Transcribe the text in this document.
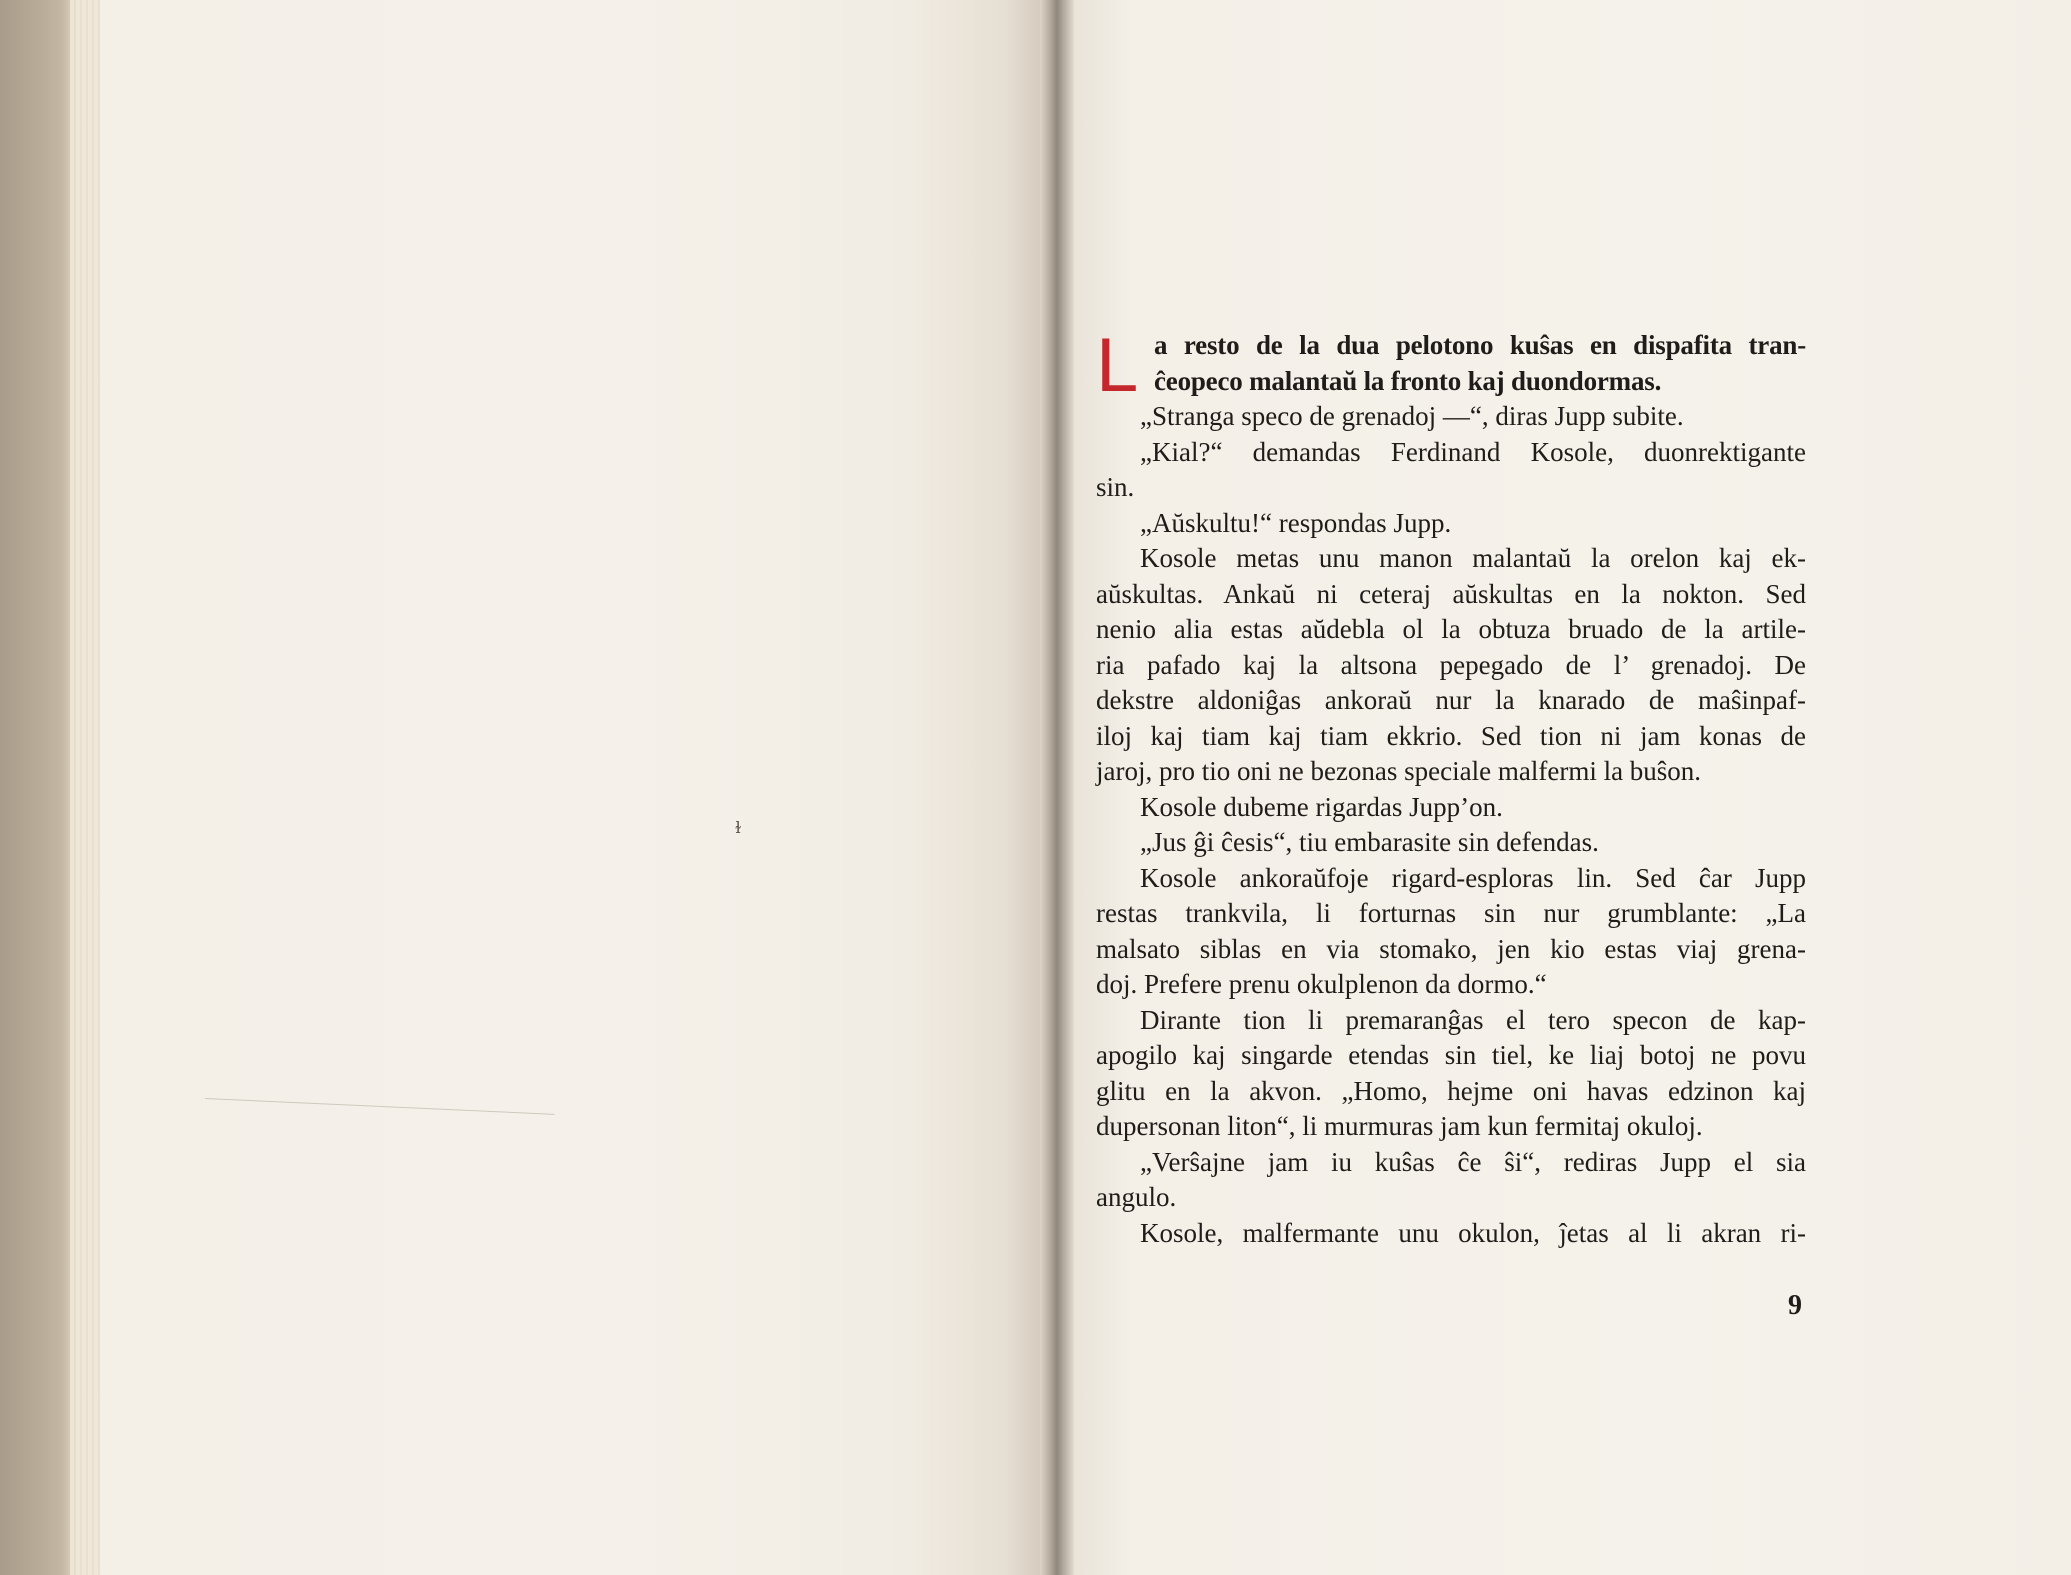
ɫ
L a resto de la dua pelotono kuŝas en dispafita tran-
ĉeopeco malantaŭ la fronto kaj duondormas.
„Stranga speco de grenadoj —“, diras Jupp subite.
„Kial?“ demandas Ferdinand Kosole, duonrektigante
sin.
„Aŭskultu!“ respondas Jupp.
Kosole metas unu manon malantaŭ la orelon kaj ek-
aŭskultas. Ankaŭ ni ceteraj aŭskultas en la nokton. Sed
nenio alia estas aŭdebla ol la obtuza bruado de la artile-
ria pafado kaj la altsona pepegado de l’ grenadoj. De
dekstre aldoniĝas ankoraŭ nur la knarado de maŝinpaf-
iloj kaj tiam kaj tiam ekkrio. Sed tion ni jam konas de
jaroj, pro tio oni ne bezonas speciale malfermi la buŝon.
Kosole dubeme rigardas Jupp’on.
„Jus ĝi ĉesis“, tiu embarasite sin defendas.
Kosole ankoraŭfoje rigard-esploras lin. Sed ĉar Jupp
restas trankvila, li forturnas sin nur grumblante: „La
malsato siblas en via stomako, jen kio estas viaj grena-
doj. Prefere prenu okulplenon da dormo.“
Dirante tion li premaranĝas el tero specon de kap-
apogilo kaj singarde etendas sin tiel, ke liaj botoj ne povu
glitu en la akvon. „Homo, hejme oni havas edzinon kaj
dupersonan liton“, li murmuras jam kun fermitaj okuloj.
„Verŝajne jam iu kuŝas ĉe ŝi“, rediras Jupp el sia
angulo.
Kosole, malfermante unu okulon, ĵetas al li akran ri-
9
